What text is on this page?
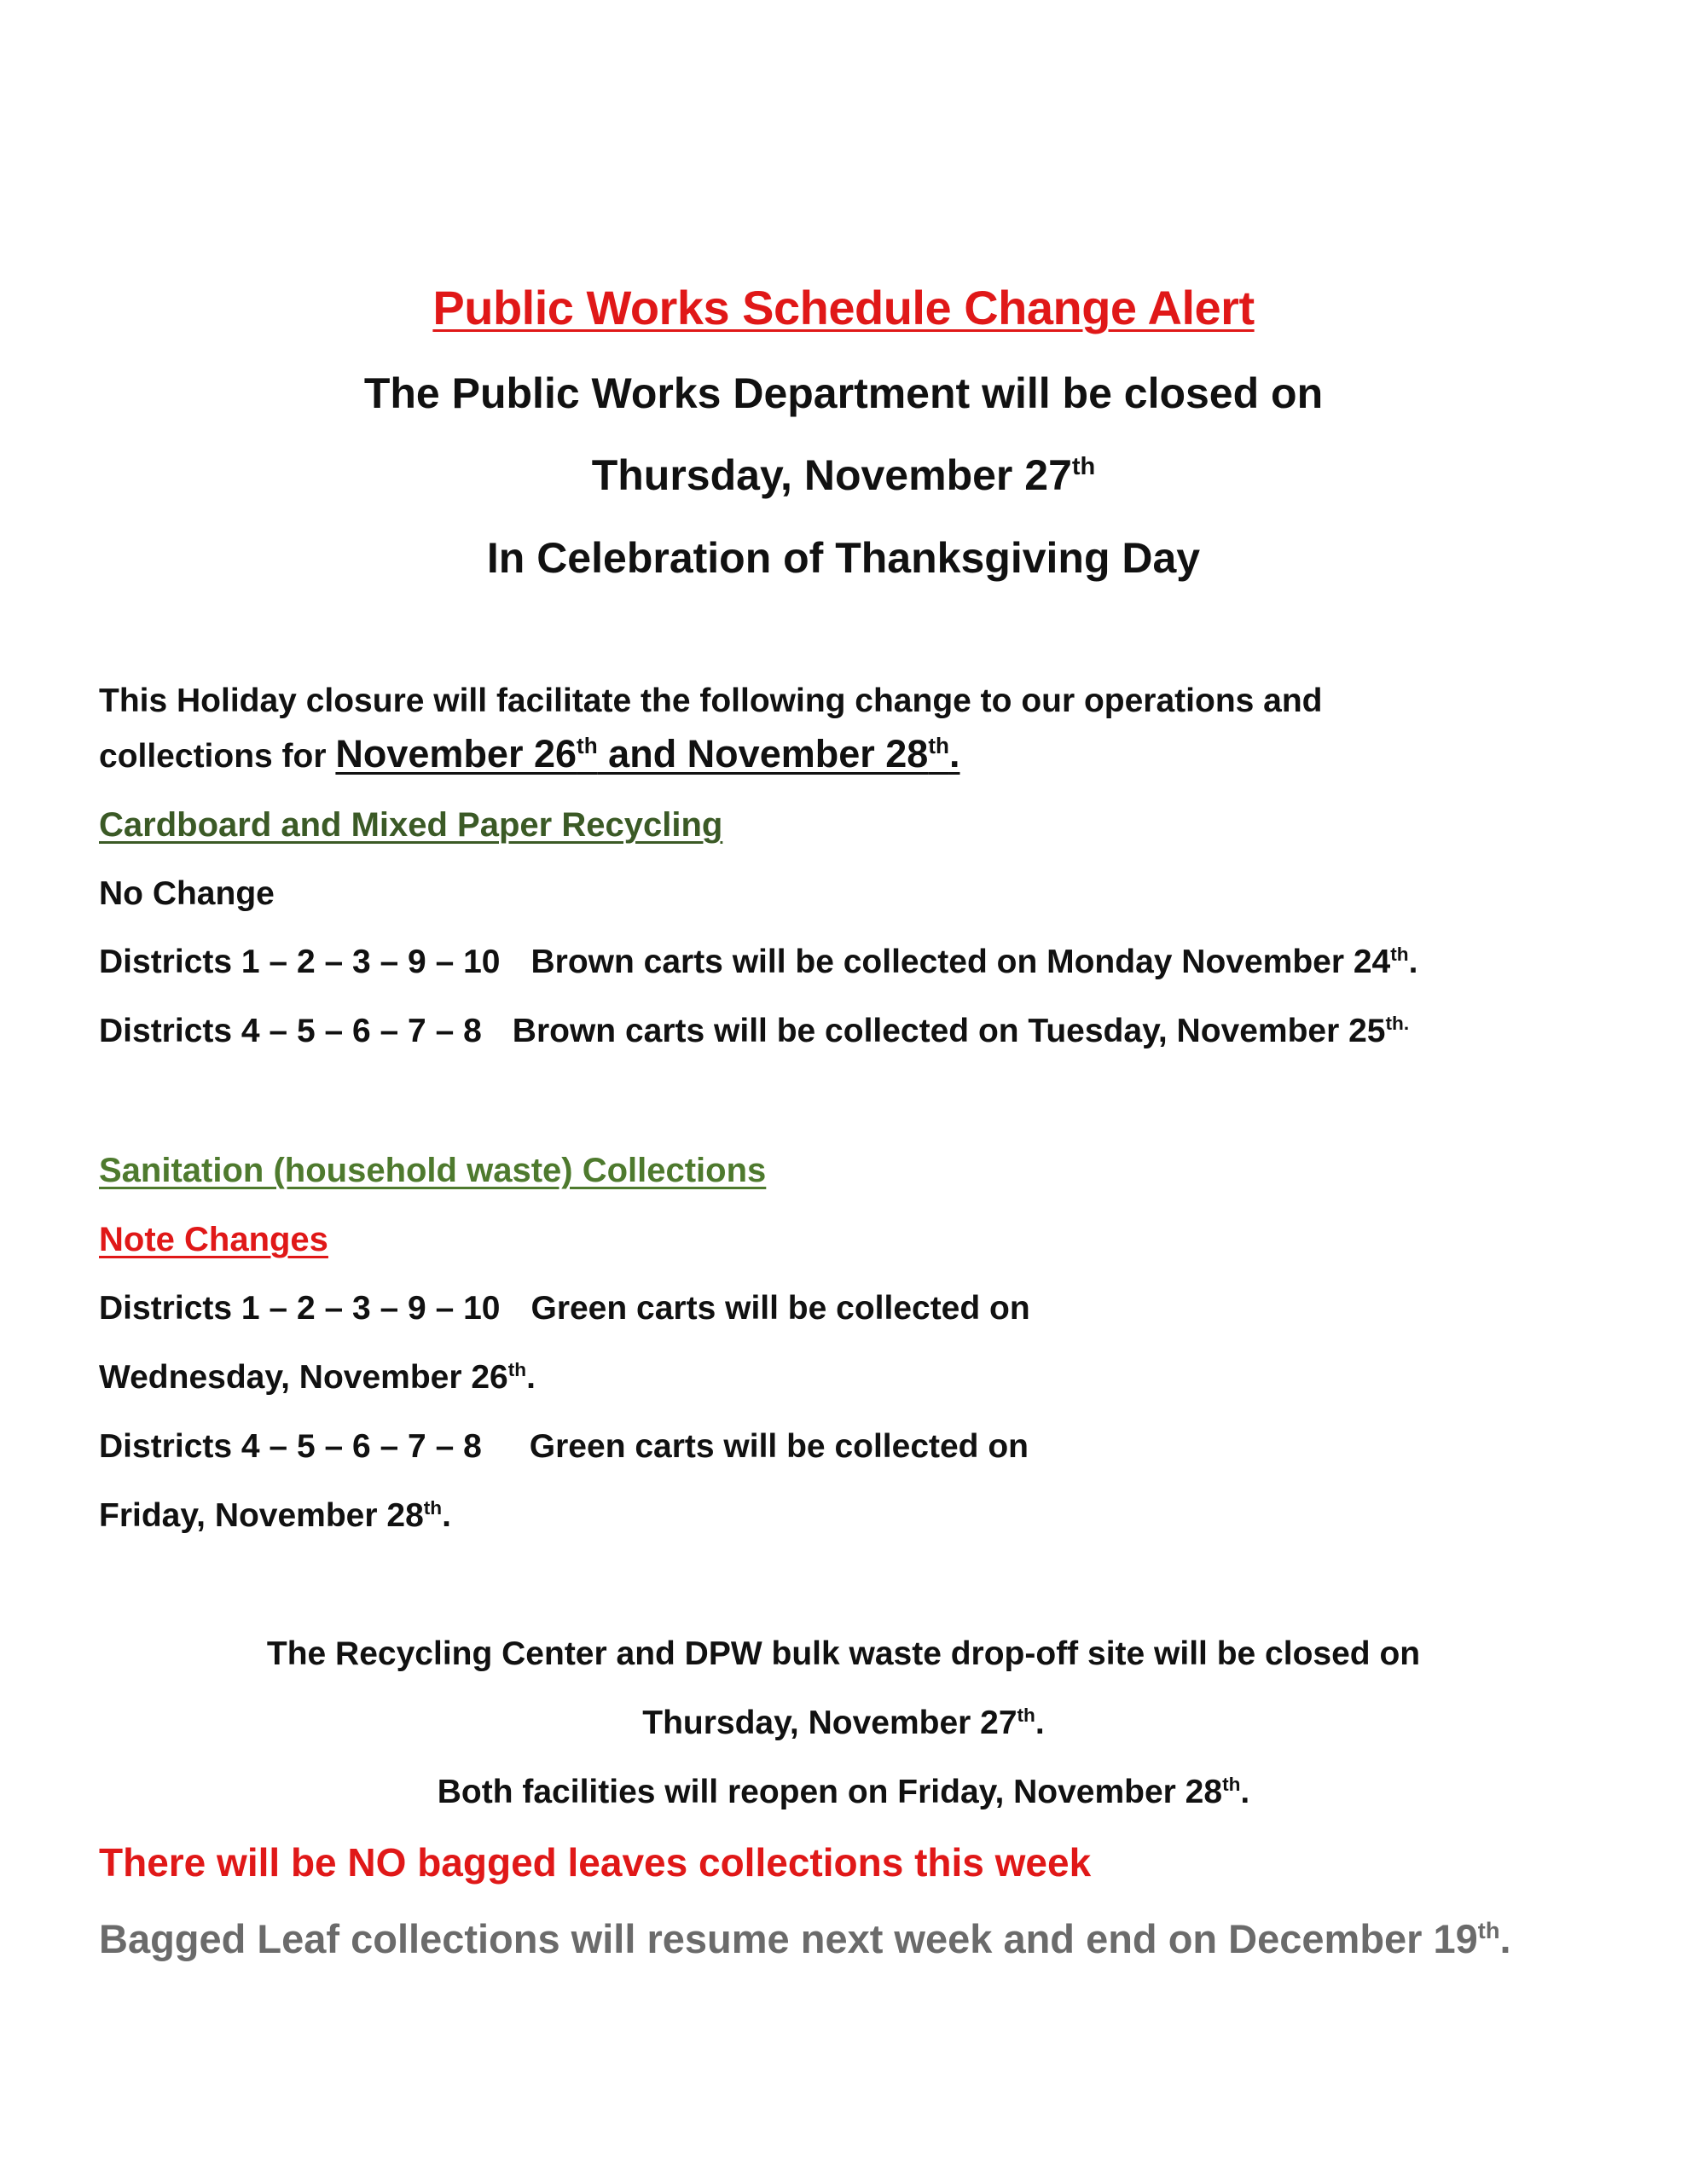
Public Works Schedule Change Alert
The Public Works Department will be closed on
Thursday, November 27th
In Celebration of Thanksgiving Day
This Holiday closure will facilitate the following change to our operations and
collections for November 26th and November 28th.
Cardboard and Mixed Paper Recycling
No Change
Districts 1 – 2 – 3 – 9 – 10 Brown carts will be collected on Monday November 24th.
Districts 4 – 5 – 6 – 7 – 8 Brown carts will be collected on Tuesday, November $25^{th.}$
Sanitation (household waste) Collections
Note Changes
Districts 1 – 2 – 3 – 9 – 10 Green carts will be collected on
Wednesday, November 26th.
Districts 4 – 5 – 6 – 7 – 8 Green carts will be collected on
Friday, November 28th.
The Recycling Center and DPW bulk waste drop-off site will be closed on
Thursday, November 27th.
Both facilities will reopen on Friday, November 28th.
There will be NO bagged leaves collections this week
Bagged Leaf collections will resume next week and end on December 19th.
